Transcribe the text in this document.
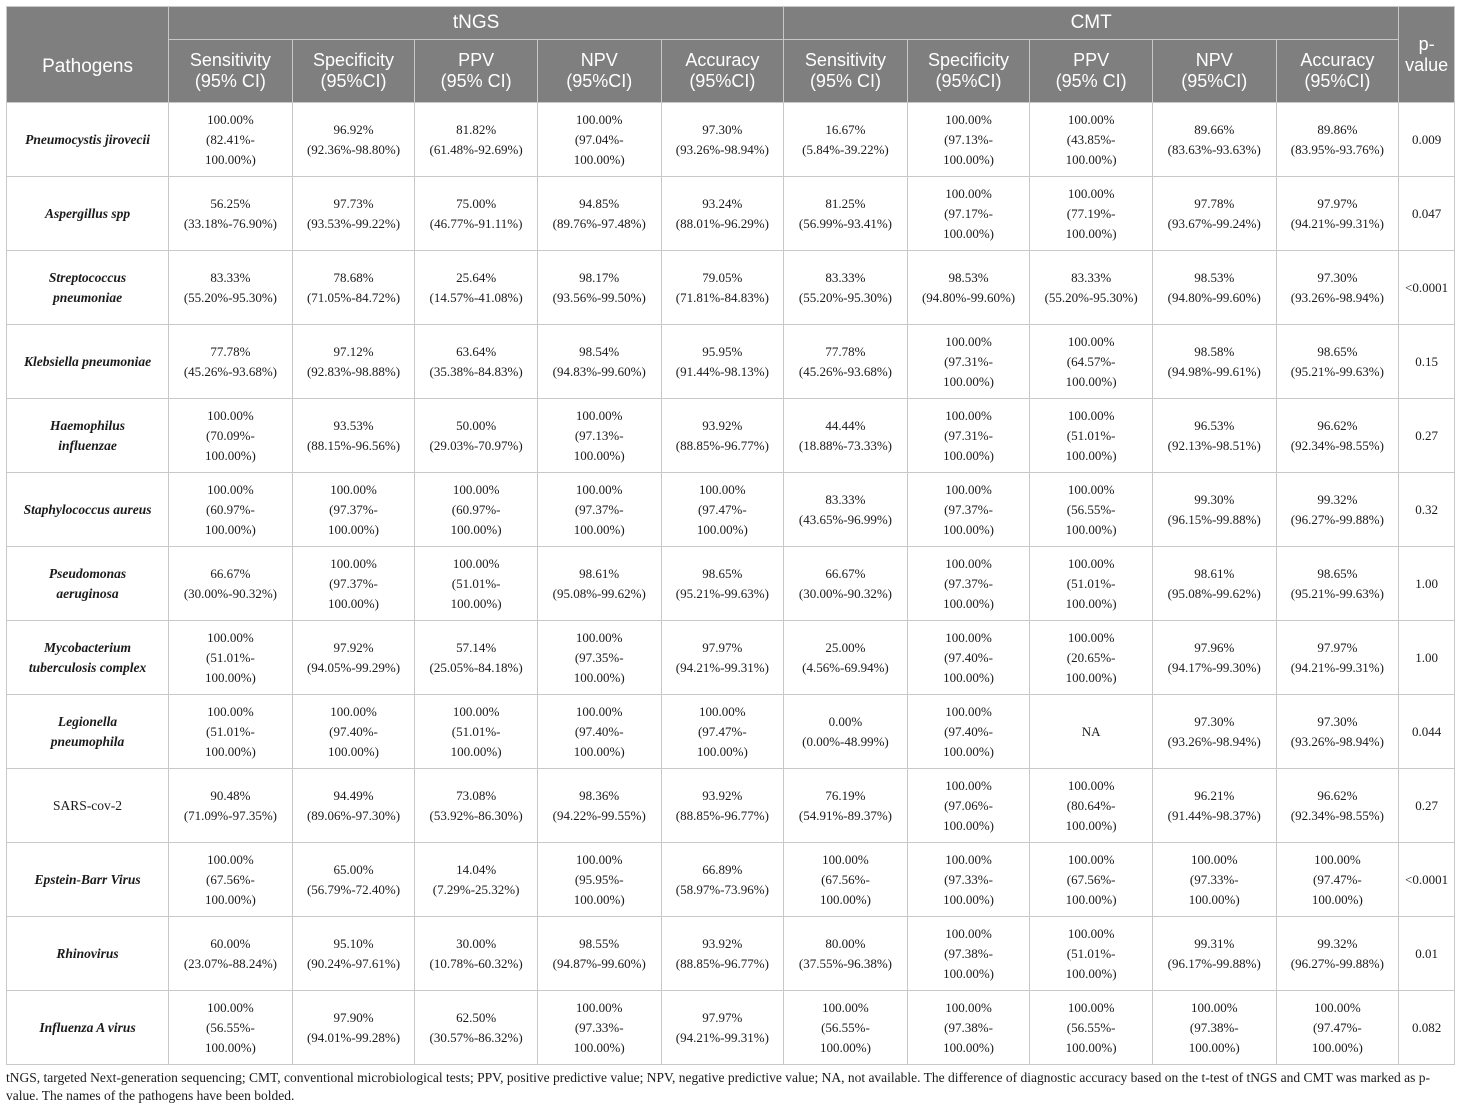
Pathogens	tNGS					CMT					p-
value
	Sensitivity
(95% CI)	Specificity
(95%CI)	PPV
(95% CI)	NPV
(95%CI)	Accuracy
(95%CI)	Sensitivity
(95% CI)	Specificity
(95%CI)	PPV
(95% CI)	NPV
(95%CI)	Accuracy
(95%CI)	
Pneumocystis jirovecii	100.00%
(82.41%-
100.00%)	96.92%
(92.36%-98.80%)	81.82%
(61.48%-92.69%)	100.00%
(97.04%-
100.00%)	97.30%
(93.26%-98.94%)	16.67%
(5.84%-39.22%)	100.00%
(97.13%-
100.00%)	100.00%
(43.85%-
100.00%)	89.66%
(83.63%-93.63%)	89.86%
(83.95%-93.76%)	0.009
Aspergillus spp	56.25%
(33.18%-76.90%)	97.73%
(93.53%-99.22%)	75.00%
(46.77%-91.11%)	94.85%
(89.76%-97.48%)	93.24%
(88.01%-96.29%)	81.25%
(56.99%-93.41%)	100.00%
(97.17%-
100.00%)	100.00%
(77.19%-
100.00%)	97.78%
(93.67%-99.24%)	97.97%
(94.21%-99.31%)	0.047
Streptococcus
pneumoniae	83.33%
(55.20%-95.30%)	78.68%
(71.05%-84.72%)	25.64%
(14.57%-41.08%)	98.17%
(93.56%-99.50%)	79.05%
(71.81%-84.83%)	83.33%
(55.20%-95.30%)	98.53%
(94.80%-99.60%)	83.33%
(55.20%-95.30%)	98.53%
(94.80%-99.60%)	97.30%
(93.26%-98.94%)	<0.0001
Klebsiella pneumoniae	77.78%
(45.26%-93.68%)	97.12%
(92.83%-98.88%)	63.64%
(35.38%-84.83%)	98.54%
(94.83%-99.60%)	95.95%
(91.44%-98.13%)	77.78%
(45.26%-93.68%)	100.00%
(97.31%-
100.00%)	100.00%
(64.57%-
100.00%)	98.58%
(94.98%-99.61%)	98.65%
(95.21%-99.63%)	0.15
Haemophilus
influenzae	100.00%
(70.09%-
100.00%)	93.53%
(88.15%-96.56%)	50.00%
(29.03%-70.97%)	100.00%
(97.13%-
100.00%)	93.92%
(88.85%-96.77%)	44.44%
(18.88%-73.33%)	100.00%
(97.31%-
100.00%)	100.00%
(51.01%-
100.00%)	96.53%
(92.13%-98.51%)	96.62%
(92.34%-98.55%)	0.27
Staphylococcus aureus	100.00%
(60.97%-
100.00%)	100.00%
(97.37%-
100.00%)	100.00%
(60.97%-
100.00%)	100.00%
(97.37%-
100.00%)	100.00%
(97.47%-
100.00%)	83.33%
(43.65%-96.99%)	100.00%
(97.37%-
100.00%)	100.00%
(56.55%-
100.00%)	99.30%
(96.15%-99.88%)	99.32%
(96.27%-99.88%)	0.32
Pseudomonas
aeruginosa	66.67%
(30.00%-90.32%)	100.00%
(97.37%-
100.00%)	100.00%
(51.01%-
100.00%)	98.61%
(95.08%-99.62%)	98.65%
(95.21%-99.63%)	66.67%
(30.00%-90.32%)	100.00%
(97.37%-
100.00%)	100.00%
(51.01%-
100.00%)	98.61%
(95.08%-99.62%)	98.65%
(95.21%-99.63%)	1.00
Mycobacterium
tuberculosis complex	100.00%
(51.01%-
100.00%)	97.92%
(94.05%-99.29%)	57.14%
(25.05%-84.18%)	100.00%
(97.35%-
100.00%)	97.97%
(94.21%-99.31%)	25.00%
(4.56%-69.94%)	100.00%
(97.40%-
100.00%)	100.00%
(20.65%-
100.00%)	97.96%
(94.17%-99.30%)	97.97%
(94.21%-99.31%)	1.00
Legionella
pneumophila	100.00%
(51.01%-
100.00%)	100.00%
(97.40%-
100.00%)	100.00%
(51.01%-
100.00%)	100.00%
(97.40%-
100.00%)	100.00%
(97.47%-
100.00%)	0.00%
(0.00%-48.99%)	100.00%
(97.40%-
100.00%)	NA	97.30%
(93.26%-98.94%)	97.30%
(93.26%-98.94%)	0.044
SARS-cov-2	90.48%
(71.09%-97.35%)	94.49%
(89.06%-97.30%)	73.08%
(53.92%-86.30%)	98.36%
(94.22%-99.55%)	93.92%
(88.85%-96.77%)	76.19%
(54.91%-89.37%)	100.00%
(97.06%-
100.00%)	100.00%
(80.64%-
100.00%)	96.21%
(91.44%-98.37%)	96.62%
(92.34%-98.55%)	0.27
Epstein-Barr Virus	100.00%
(67.56%-
100.00%)	65.00%
(56.79%-72.40%)	14.04%
(7.29%-25.32%)	100.00%
(95.95%-
100.00%)	66.89%
(58.97%-73.96%)	100.00%
(67.56%-
100.00%)	100.00%
(97.33%-
100.00%)	100.00%
(67.56%-
100.00%)	100.00%
(97.33%-
100.00%)	100.00%
(97.47%-
100.00%)	<0.0001
Rhinovirus	60.00%
(23.07%-88.24%)	95.10%
(90.24%-97.61%)	30.00%
(10.78%-60.32%)	98.55%
(94.87%-99.60%)	93.92%
(88.85%-96.77%)	80.00%
(37.55%-96.38%)	100.00%
(97.38%-
100.00%)	100.00%
(51.01%-
100.00%)	99.31%
(96.17%-99.88%)	99.32%
(96.27%-99.88%)	0.01
Influenza A virus	100.00%
(56.55%-
100.00%)	97.90%
(94.01%-99.28%)	62.50%
(30.57%-86.32%)	100.00%
(97.33%-
100.00%)	97.97%
(94.21%-99.31%)	100.00%
(56.55%-
100.00%)	100.00%
(97.38%-
100.00%)	100.00%
(56.55%-
100.00%)	100.00%
(97.38%-
100.00%)	100.00%
(97.47%-
100.00%)	0.082
tNGS, targeted Next-generation sequencing; CMT, conventional microbiological tests; PPV, positive predictive value; NPV, negative predictive value; NA, not available. The difference of diagnostic accuracy based on the t-test of tNGS and CMT was marked as p-value. The names of the pathogens have been bolded.
